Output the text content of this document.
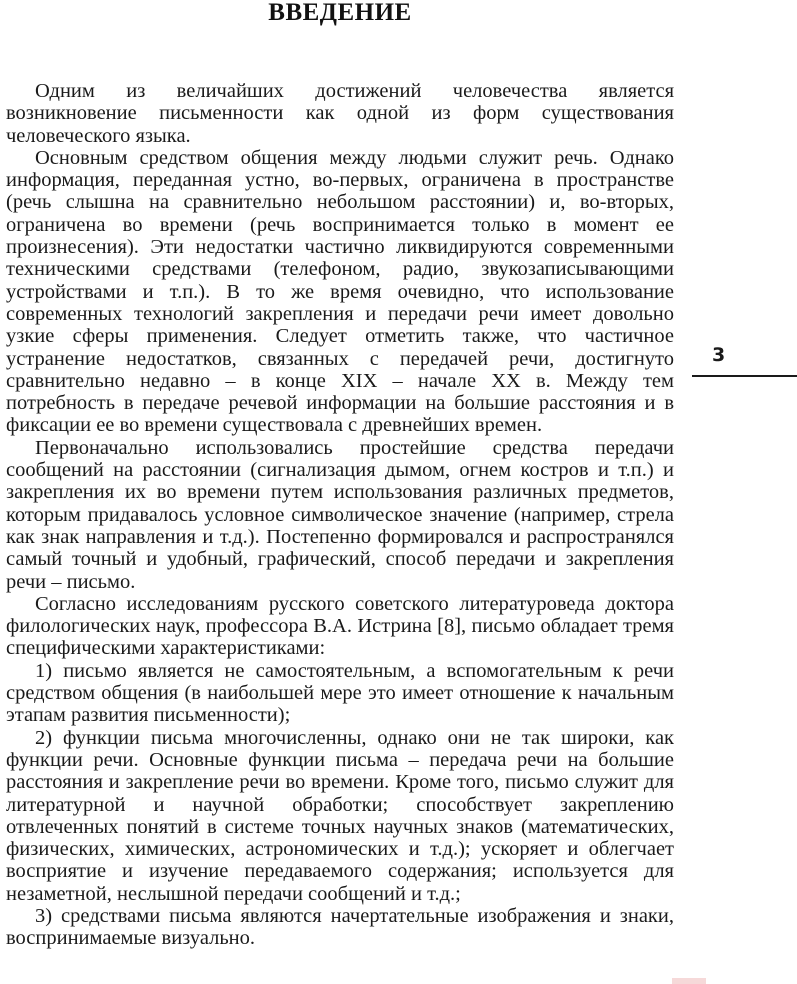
ВВЕДЕНИЕ

Одним из величайших достижений человечества является возникновение письменности как одной из форм существования человеческого языка.

Основным средством общения между людьми служит речь. Однако информация, переданная устно, во-первых, ограничена в пространстве (речь слышна на сравнительно небольшом расстоянии) и, во-вторых, ограничена во времени (речь воспринимается только в момент ее произнесения). Эти недостатки частично ликвидируются современными техническими средствами (телефоном, радио, звукозаписывающими устройствами и т.п.). В то же время очевидно, что использование современных технологий закрепления и передачи речи имеет довольно узкие сферы применения. Следует отметить также, что частичное устранение недостатков, связанных с передачей речи, достигнуто сравнительно недавно – в конце XIX – начале XX в. Между тем потребность в передаче речевой информации на большие расстояния и в фиксации ее во времени существовала с древнейших времен.

Первоначально использовались простейшие средства передачи сообщений на расстоянии (сигнализация дымом, огнем костров и т.п.) и закрепления их во времени путем использования различных предметов, которым придавалось условное символическое значение (например, стрела как знак направления и т.д.). Постепенно формировался и распространялся самый точный и удобный, графический, способ передачи и закрепления речи – письмо.

Согласно исследованиям русского советского литературоведа доктора филологических наук, профессора В.А. Истрина [8], письмо обладает тремя специфическими характеристиками:

1) письмо является не самостоятельным, а вспомогательным к речи средством общения (в наибольшей мере это имеет отношение к начальным этапам развития письменности);

2) функции письма многочисленны, однако они не так широки, как функции речи. Основные функции письма – передача речи на большие расстояния и закрепление речи во времени. Кроме того, письмо служит для литературной и научной обработки; способствует закреплению отвлеченных понятий в системе точных научных знаков (математических, физических, химических, астрономических и т.д.); ускоряет и облегчает восприятие и изучение передаваемого содержания; используется для незаметной, неслышной передачи сообщений и т.д.;

3) средствами письма являются начертательные изображения и знаки, воспринимаемые визуально.

3
